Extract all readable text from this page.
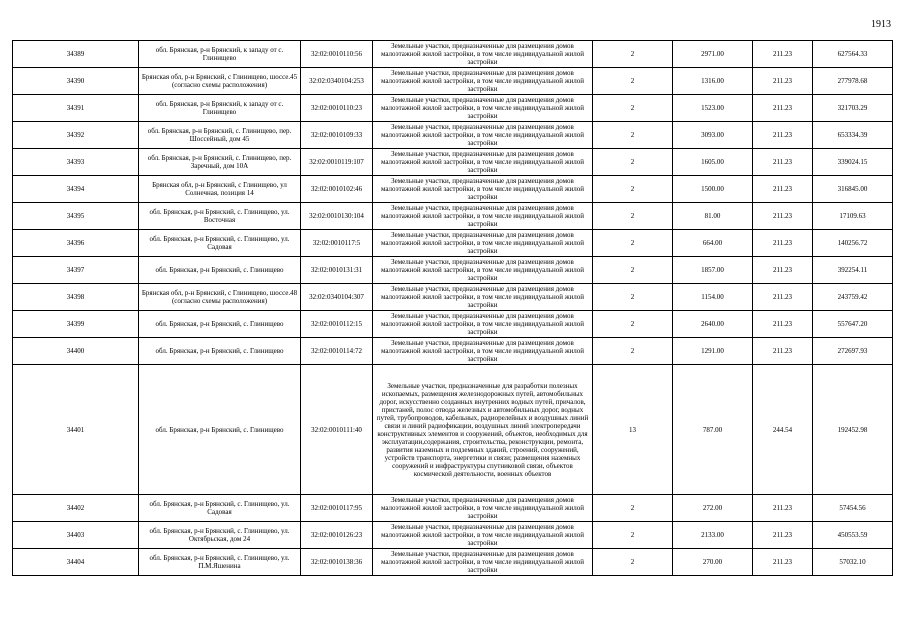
1913
34389	обл. Брянская, р-н Брянский, к западу от с. Глинищево	32:02:0010110:56	Земельные участки, предназначенные для размещения домов малоэтажной жилой застройки, в том числе индивидуальной жилой застройки	2	2971.00	211.23	627564.33
34390	Брянская обл, р-н Брянский, с Глинищево, шоссе.45 (согласно схемы расположения)	32:02:0340104:253	Земельные участки, предназначенные для размещения домов малоэтажной жилой застройки, в том числе индивидуальной жилой застройки	2	1316.00	211.23	277978.68
34391	обл. Брянская, р-н Брянский, к западу от с. Глинищево	32:02:0010110:23	Земельные участки, предназначенные для размещения домов малоэтажной жилой застройки, в том числе индивидуальной жилой застройки	2	1523.00	211.23	321703.29
34392	обл. Брянская, р-н Брянский, с. Глинищево, пер. Шоссейный, дом 45	32:02:0010109:33	Земельные участки, предназначенные для размещения домов малоэтажной жилой застройки, в том числе индивидуальной жилой застройки	2	3093.00	211.23	653334.39
34393	обл. Брянская, р-н Брянский, с. Глинищево, пер. Заречный, дом 10А	32:02:0010119:107	Земельные участки, предназначенные для размещения домов малоэтажной жилой застройки, в том числе индивидуальной жилой застройки	2	1605.00	211.23	339024.15
34394	Брянская обл, р-н Брянский, с Глинищево, ул Солнечная, позиция 14	32:02:0010102:46	Земельные участки, предназначенные для размещения домов малоэтажной жилой застройки, в том числе индивидуальной жилой застройки	2	1500.00	211.23	316845.00
34395	обл. Брянская, р-н Брянский, с. Глинищево, ул. Восточная	32:02:0010130:104	Земельные участки, предназначенные для размещения домов малоэтажной жилой застройки, в том числе индивидуальной жилой застройки	2	81.00	211.23	17109.63
34396	обл. Брянская, р-н Брянский, с. Глинищево, ул. Садовая	32:02:0010117:5	Земельные участки, предназначенные для размещения домов малоэтажной жилой застройки, в том числе индивидуальной жилой застройки	2	664.00	211.23	140256.72
34397	обл. Брянская, р-н Брянский, с. Глинищево	32:02:0010131:31	Земельные участки, предназначенные для размещения домов малоэтажной жилой застройки, в том числе индивидуальной жилой застройки	2	1857.00	211.23	392254.11
34398	Брянская обл, р-н Брянский, с Глинищево, шоссе.48 (согласно схемы расположения)	32:02:0340104:307	Земельные участки, предназначенные для размещения домов малоэтажной жилой застройки, в том числе индивидуальной жилой застройки	2	1154.00	211.23	243759.42
34399	обл. Брянская, р-н Брянский, с. Глинищево	32:02:0010112:15	Земельные участки, предназначенные для размещения домов малоэтажной жилой застройки, в том числе индивидуальной жилой застройки	2	2640.00	211.23	557647.20
34400	обл. Брянская, р-н Брянский, с. Глинищево	32:02:0010114:72	Земельные участки, предназначенные для размещения домов малоэтажной жилой застройки, в том числе индивидуальной жилой застройки	2	1291.00	211.23	272697.93
34401	обл. Брянская, р-н Брянский, с. Глинищево	32:02:0010111:40	Земельные участки, предназначенные для разработки полезных ископаемых, размещения железнодорожных путей, автомобильных дорог, искусственно созданных внутренних водных путей, причалов, пристаней, полос отвода железных и автомобильных дорог, водных путей, трубопроводов, кабельных, радиорелейных и воздушных линий связи и линий радиофикации, воздушных линий электропередачи конструктивных элементов и сооружений, объектов, необходимых для эксплуатации,содержания, строительства, реконструкции, ремонта, развития наземных и подземных зданий, строений, сооружений, устройств транспорта, энергетики и связи; размещения наземных сооружений и инфраструктуры спутниковой связи, объектов космической деятельности, военных объектов	13	787.00	244.54	192452.98
34402	обл. Брянская, р-н Брянский, с. Глинищево, ул. Садовая	32:02:0010117:95	Земельные участки, предназначенные для размещения домов малоэтажной жилой застройки, в том числе индивидуальной жилой застройки	2	272.00	211.23	57454.56
34403	обл. Брянская, р-н Брянский, с. Глинищево, ул. Октябрьская, дом 24	32:02:0010126:23	Земельные участки, предназначенные для размещения домов малоэтажной жилой застройки, в том числе индивидуальной жилой застройки	2	2133.00	211.23	450553.59
34404	обл. Брянская, р-н Брянский, с. Глинищево, ул. П.М.Яшенина	32:02:0010138:36	Земельные участки, предназначенные для размещения домов малоэтажной жилой застройки, в том числе индивидуальной жилой застройки	2	270.00	211.23	57032.10
